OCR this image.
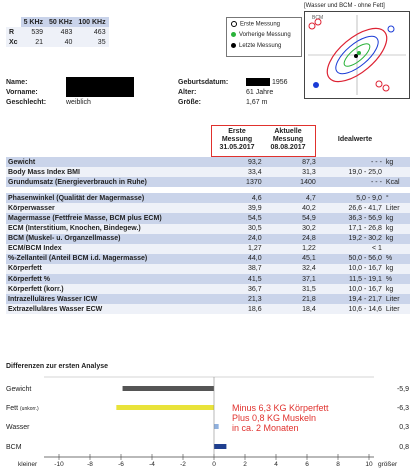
	5 KHz	50 KHz	100 KHz
R	539	483	463
Xc	21	40	35
Erste Messung
Vorherige Messung
Letzte Messung
[Wasser und BCM - ohne Fett]
BCM
Name:
Vorname:
Geschlecht:	weiblich
Geburtsdatum:	1956
Alter:	61 Jahre
Größe:	1,67 m
Erste
Messung
31.05.2017
Aktuelle
Messung
08.08.2017
Idealwerte
Gewicht	93,2	87,3	- - -	kg
Body Mass Index BMI	33,4	31,3	19,0 - 25,0	
Grundumsatz (Energieverbrauch in Ruhe)	1370	1400	- - -	Kcal

Phasenwinkel (Qualität der Magermasse)	4,6	4,7	5,0 - 9,0	°
Körperwasser	39,9	40,2	26,6 - 41,7	Liter
Magermasse (Fettfreie Masse, BCM plus ECM)	54,5	54,9	36,3 - 56,9	kg
ECM (Interstitium, Knochen, Bindegew.)	30,5	30,2	17,1 - 26,8	kg
BCM (Muskel- u. Organzellmasse)	24,0	24,8	19,2 - 30,2	kg
ECM/BCM Index	1,27	1,22	< 1	
%-Zellanteil (Anteil BCM i.d. Magermasse)	44,0	45,1	50,0 - 56,0	%
Körperfett	38,7	32,4	10,0 - 16,7	kg
Körperfett %	41,5	37,1	11,5 - 19,1	%
Körperfett (korr.)	36,7	31,5	10,0 - 16,7	kg
Intrazelluläres Wasser ICW	21,3	21,8	19,4 - 21,7	Liter
Extrazelluläres Wasser ECW	18,6	18,4	10,6 - 14,6	Liter
Differenzen zur ersten Analyse
Gewicht
Fett (unkorr.)
Wasser
BCM
-5,9
-6,3
0,3
0,8
Minus 6,3 KG Körperfett
Plus 0,8 KG Muskeln
in ca. 2 Monaten
kleiner	größer
-10	-8	-6	-4	-2	0	2	4	6	8	10
